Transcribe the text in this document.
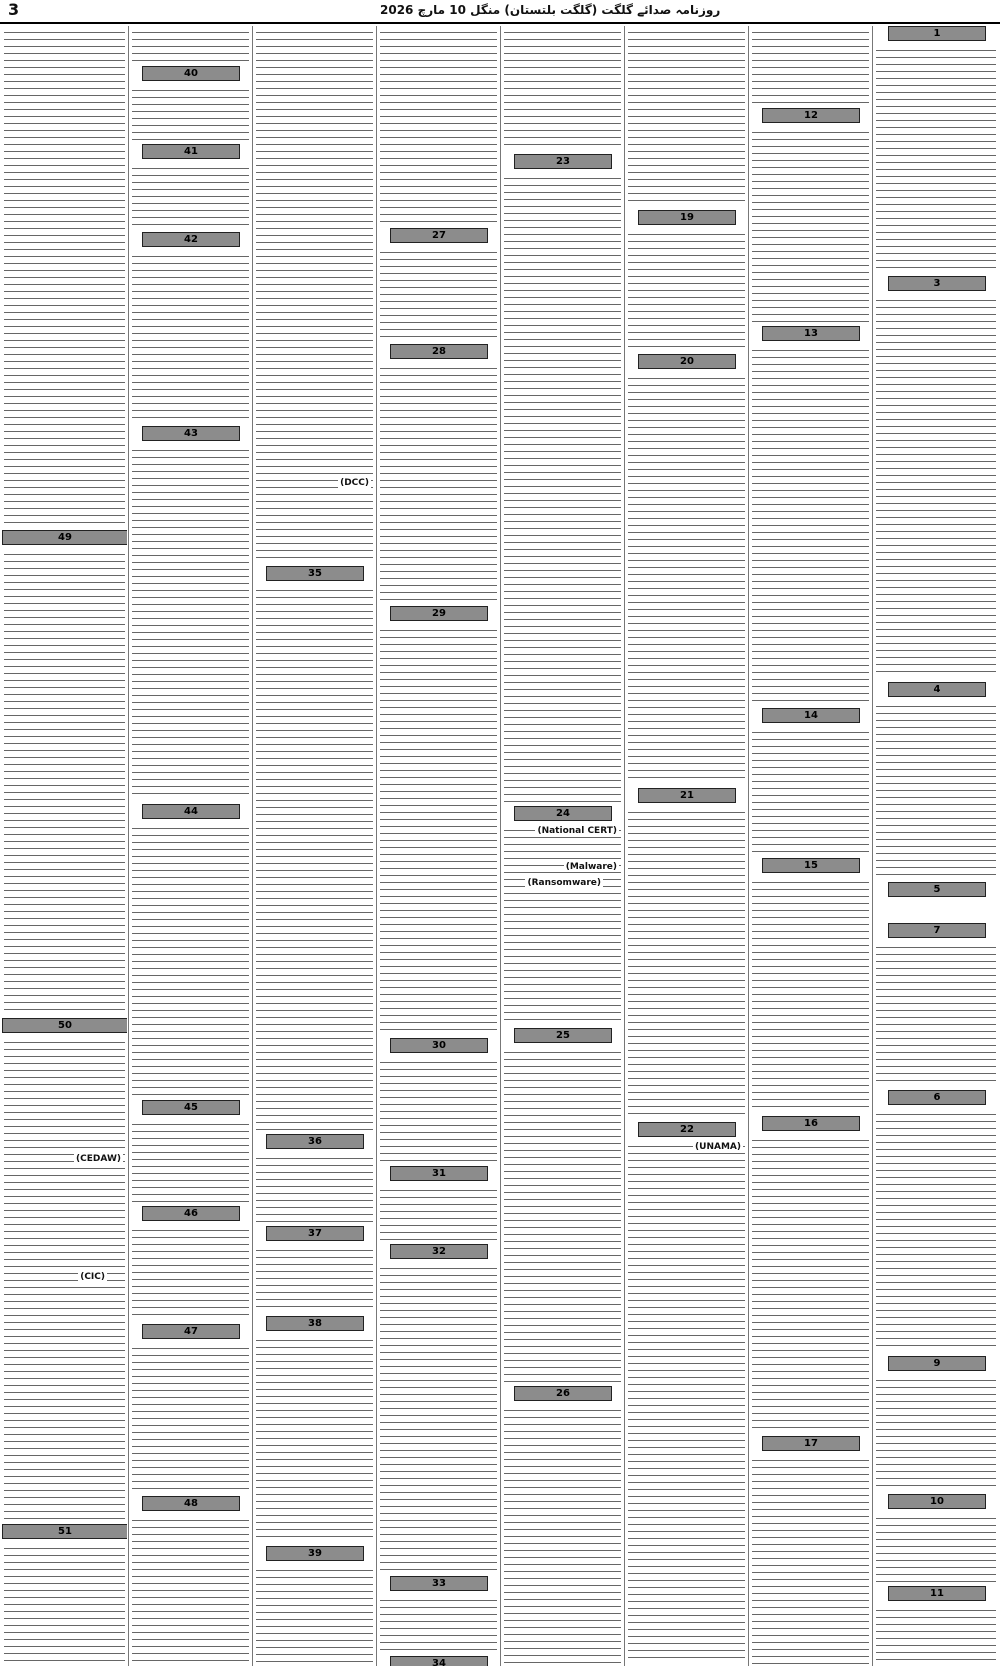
3	روزنامہ صدائے گلگت (گلگت بلتستان) منگل 10 مارچ 2026
1
3
4
5
7
6
9
10
11
12
13
14
15
16
17
19
20
21
22
(UNAMA)
23
24
26
25
(National CERT)
(Malware)
(Ransomware)
27
28
29
30
31
32
33
34
35
36
37
38
39
(DCC)
40
41
42
43
44
45
46
47
48
49
50
51
(CEDAW)
(CIC)
